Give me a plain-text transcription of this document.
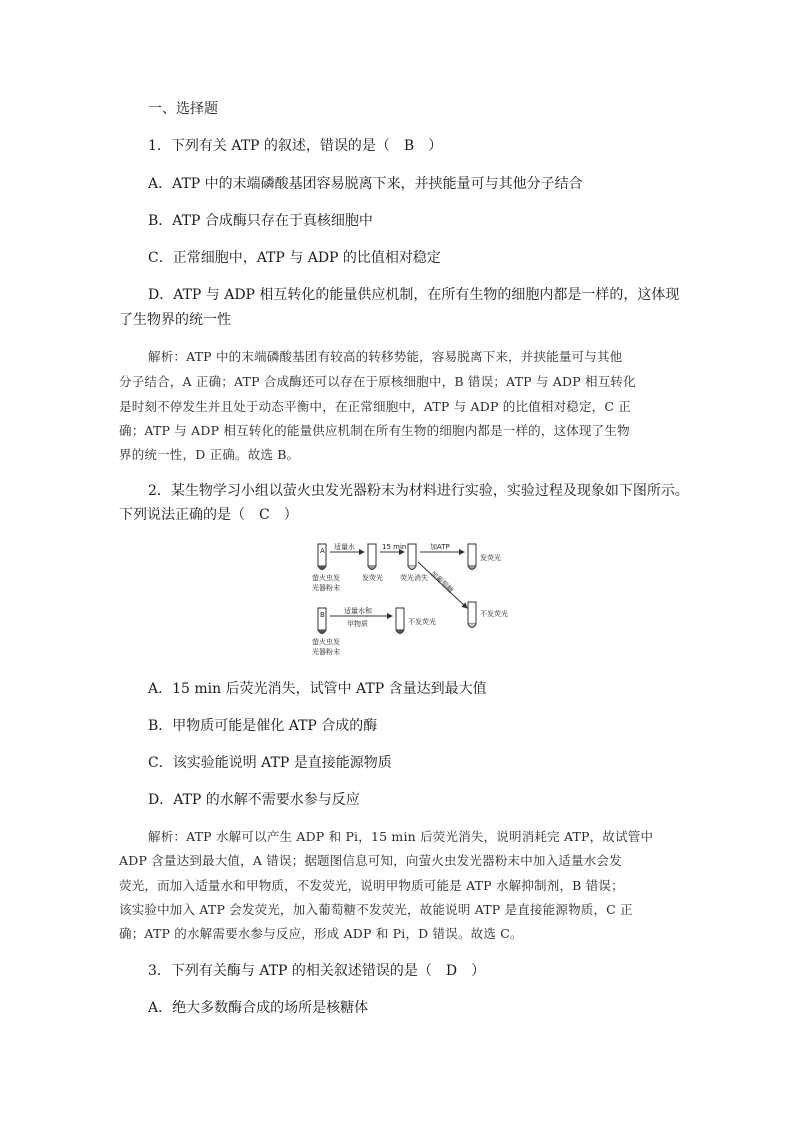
一、选择题
1．下列有关 ATP 的叙述，错误的是（　B　）
A．ATP 中的末端磷酸基团容易脱离下来，并挟能量可与其他分子结合
B．ATP 合成酶只存在于真核细胞中
C．正常细胞中，ATP 与 ADP 的比值相对稳定
D．ATP 与 ADP 相互转化的能量供应机制，在所有生物的细胞内都是一样的，这体现
了生物界的统一性
解析：ATP 中的末端磷酸基团有较高的转移势能，容易脱离下来，并挟能量可与其他
分子结合，A 正确；ATP 合成酶还可以存在于原核细胞中，B 错误；ATP 与 ADP 相互转化
是时刻不停发生并且处于动态平衡中，在正常细胞中，ATP 与 ADP 的比值相对稳定，C 正
确；ATP 与 ADP 相互转化的能量供应机制在所有生物的细胞内都是一样的，这体现了生物
界的统一性，D 正确。故选 B。
2．某生物学习小组以萤火虫发光器粉末为材料进行实验，实验过程及现象如下图所示。
下列说法正确的是（　C　）
A
萤火虫发
光器粉末
适量水
发荧光
15 min
荧光消失
加ATP
发荧光
加葡萄糖
不发荧光
B
萤火虫发
光器粉末
适量水和
甲物质	不发荧光
A．15 min 后荧光消失，试管中 ATP 含量达到最大值
B．甲物质可能是催化 ATP 合成的酶
C．该实验能说明 ATP 是直接能源物质
D．ATP 的水解不需要水参与反应
解析：ATP 水解可以产生 ADP 和 Pi，15 min 后荧光消失，说明消耗完 ATP，故试管中
ADP 含量达到最大值，A 错误；据题图信息可知，向萤火虫发光器粉末中加入适量水会发
荧光，而加入适量水和甲物质，不发荧光，说明甲物质可能是 ATP 水解抑制剂，B 错误；
该实验中加入 ATP 会发荧光，加入葡萄糖不发荧光，故能说明 ATP 是直接能源物质，C 正
确；ATP 的水解需要水参与反应，形成 ADP 和 Pi，D 错误。故选 C。
3．下列有关酶与 ATP 的相关叙述错误的是（　D　）
A．绝大多数酶合成的场所是核糖体
